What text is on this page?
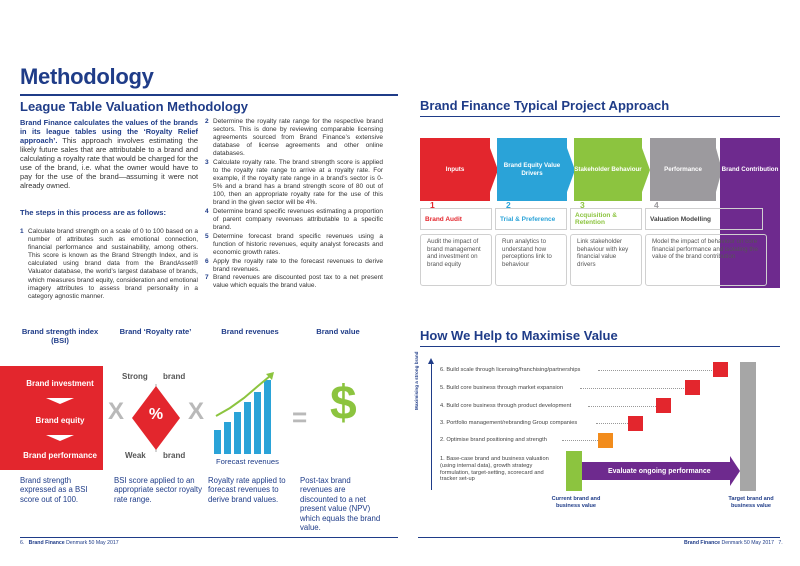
Methodology
League Table Valuation Methodology
Brand Finance calculates the values of the brands in its league tables using the ‘Royalty Relief approach’. This approach involves estimating the likely future sales that are attributable to a brand and calculating a royalty rate that would be charged for the use of the brand, i.e. what the owner would have to pay for the use of the brand—assuming it were not already owned.
The steps in this process are as follows:
1 Calculate brand strength on a scale of 0 to 100 based on a number of attributes such as emotional connection, financial performance and sustainability, among others. This score is known as the Brand Strength Index, and is calculated using brand data from the BrandAsset® Valuator database, the world’s largest database of brands, which measures brand equity, consideration and emotional imagery attributes to assess brand personality in a category agnostic manner.
2 Determine the royalty rate range for the respective brand sectors. This is done by reviewing comparable licensing agreements sourced from Brand Finance’s extensive database of license agreements and other online databases.
3 Calculate royalty rate. The brand strength score is applied to the royalty rate range to arrive at a royalty rate. For example, if the royalty rate range in a brand’s sector is 0-5% and a brand has a brand strength score of 80 out of 100, then an appropriate royalty rate for the use of this brand in the given sector will be 4%.
4 Determine brand specific revenues estimating a proportion of parent company revenues attributable to a specific brand.
5 Determine forecast brand specific revenues using a function of historic revenues, equity analyst forecasts and economic growth rates.
6 Apply the royalty rate to the forecast revenues to derive brand revenues.
7 Brand revenues are discounted post tax to a net present value which equals the brand value.
Brand strength index (BSI)
Brand ‘Royalty rate’	Brand revenues	Brand value
Brand investment
Brand equity
Brand performance
X	X
Strong brand
%
Weak brand
Forecast revenues
= $
Brand strength expressed as a BSI score out of 100.
BSI score applied to an appropriate sector royalty rate range.
Royalty rate applied to forecast revenues to derive brand values.
Post-tax brand revenues are discounted to a net present value (NPV) which equals the brand value.
Brand Finance Typical Project Approach
Inputs
Brand Equity Value Drivers
Stakeholder Behaviour	Performance	Brand Contribution
1	2	3	4
Brand Audit	Trial & Preference
Acquisition & Retention	Valuation Modelling
Audit the impact of brand management and investment on brand equity
Run analytics to understand how perceptions link to behaviour
Link stakeholder behaviour with key financial value drivers
Model the impact of behaviour on core financial performance and isolating the value of the brand contribution
How We Help to Maximise Value
Maximising a strong brand	6. Build scale through licensing/franchising/partnerships
5. Build core business through market expansion
4. Build core business through product development
3. Portfolio management/rebranding Group companies
2. Optimise brand positioning and strength
1. Base-case brand and business valuation (using internal data), growth strategy formulation, target-setting, scorecard and tracker set-up
Evaluate ongoing performance
Current brand and business value
Target brand and business value
6. Brand Finance Denmark 50 May 2017	Brand Finance Denmark 50 May 2017 7.
